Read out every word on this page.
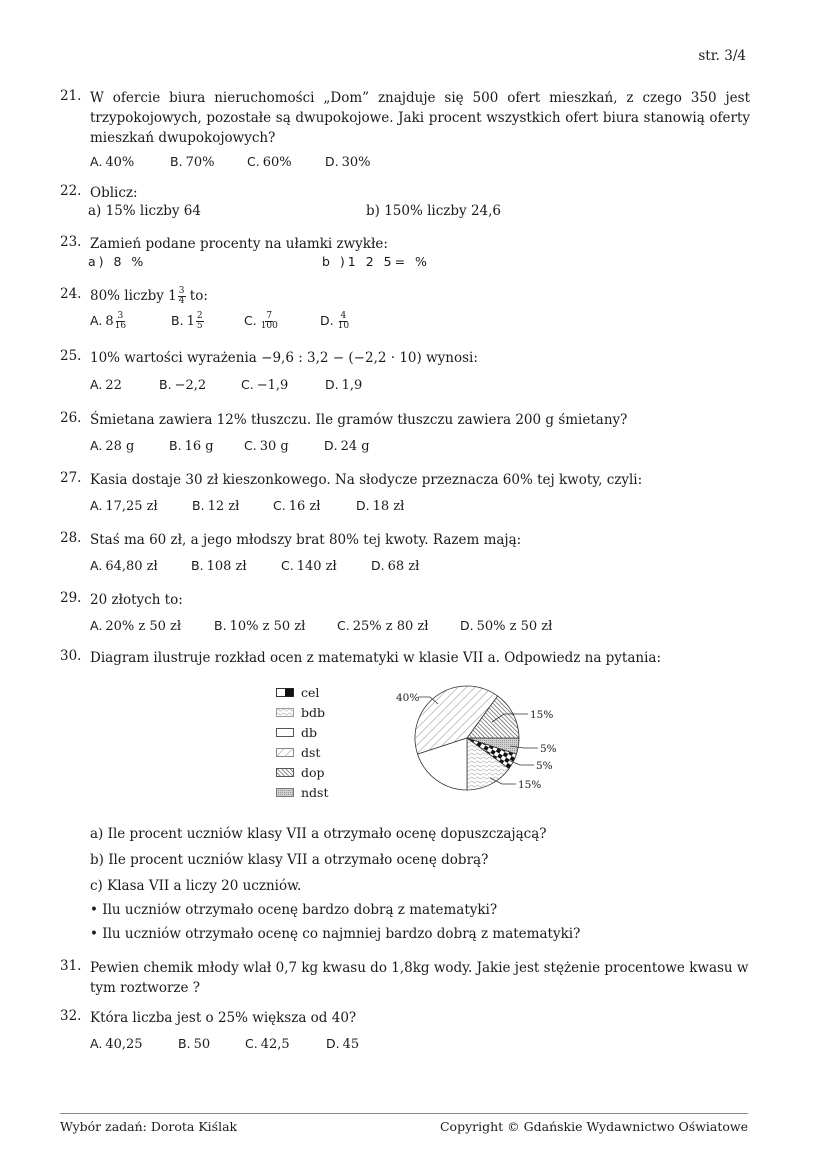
str. 3/4
21. W ofercie biura nieruchomości „Dom” znajduje się 500 ofert mieszkań, z czego 350 jest trzypokojowych, pozostałe są dwupokojowe. Jaki procent wszystkich ofert biura stanowią oferty mieszkań dwupokojowych?
A. 40%	B. 70%	C. 60%	D. 30%
22. Oblicz:
a) 15% liczby 64	b) 150% liczby 24,6
23. Zamień podane procenty na ułamki zwykłe:
a) 8 %	b )1 2 5= %
24. 80% liczby $1 \frac{3}{4}$ to:
A. $8 \frac{3}{16}$	B. $1 \frac{2}{5}$	C. $\frac{7}{100}$	D. $\frac{4}{10}$
25. 10% wartości wyrażenia −9,6 : 3,2 − (−2,2 · 10) wynosi:
A. 22	B. −2,2	C. −1,9	D. 1,9
26. Śmietana zawiera 12% tłuszczu. Ile gramów tłuszczu zawiera 200 g śmietany?
A. 28 g	B. 16 g	C. 30 g	D. 24 g
27. Kasia dostaje 30 zł kieszonkowego. Na słodycze przeznacza 60% tej kwoty, czyli:
A. 17,25 zł	B. 12 zł	C. 16 zł	D. 18 zł
28. Staś ma 60 zł, a jego młodszy brat 80% tej kwoty. Razem mają:
A. 64,80 zł	B. 108 zł	C. 140 zł	D. 68 zł
29. 20 złotych to:
A. 20% z 50 zł	B. 10% z 50 zł	C. 25% z 80 zł	D. 50% z 50 zł
30. Diagram ilustruje rozkład ocen z matematyki w klasie VII a. Odpowiedz na pytania:
cel
bdb
db
dst
dop
ndst
40%
15%
5%
5%
15%
a) Ile procent uczniów klasy VII a otrzymało ocenę dopuszczającą?
b) Ile procent uczniów klasy VII a otrzymało ocenę dobrą?
c) Klasa VII a liczy 20 uczniów.
• Ilu uczniów otrzymało ocenę bardzo dobrą z matematyki?
• Ilu uczniów otrzymało ocenę co najmniej bardzo dobrą z matematyki?
31. Pewien chemik młody wlał 0,7 kg kwasu do 1,8kg wody. Jakie jest stężenie procentowe kwasu w tym roztworze ?
32. Która liczba jest o 25% większa od 40?
A. 40,25	B. 50	C. 42,5	D. 45
Wybór zadań: Dorota Kiślak	Copyright © Gdańskie Wydawnictwo Oświatowe
